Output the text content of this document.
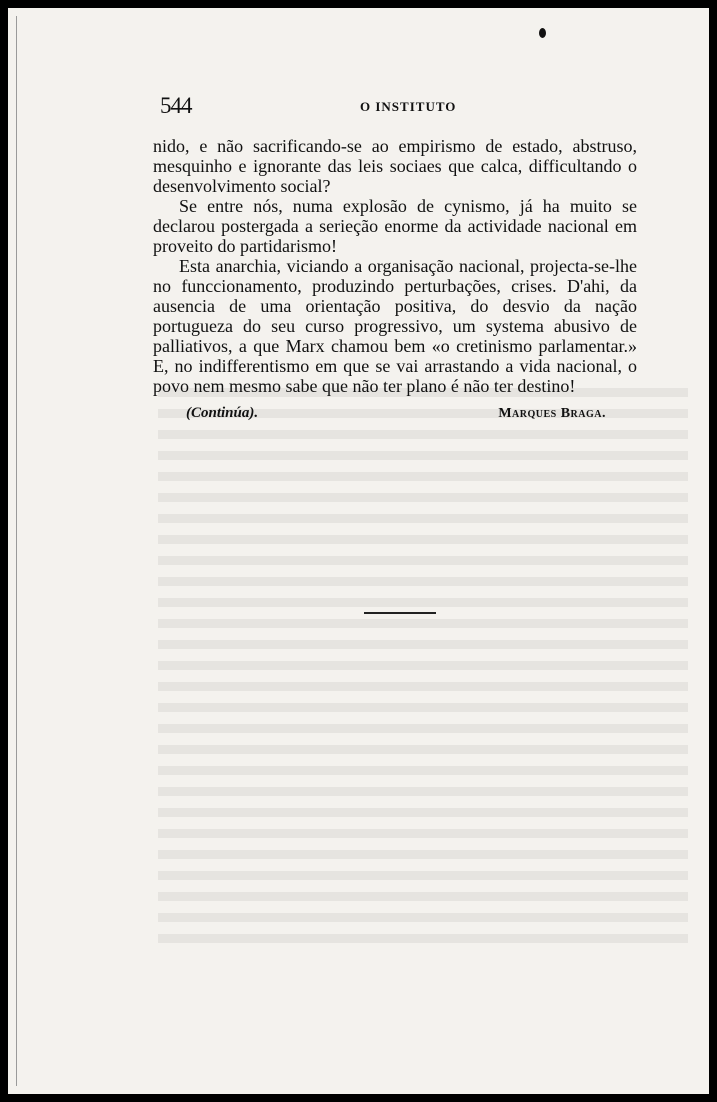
544	O INSTITUTO

nido, e não sacrificando-se ao empirismo de estado, abstruso, mesquinho e ignorante das leis sociaes que calca, difficultando o desenvolvimento social?

Se entre nós, numa explosão de cynismo, já ha muito se declarou postergada a serieção enorme da actividade nacional em proveito do partidarismo!

Esta anarchia, viciando a organisação nacional, projecta-se-lhe no funccionamento, produzindo perturbações, crises. D'ahi, da ausencia de uma orientação positiva, do desvio da nação portugueza do seu curso progressivo, um systema abusivo de palliativos, a que Marx chamou bem «o cretinismo parlamentar.» E, no indifferentismo em que se vai arrastando a vida nacional, o povo nem mesmo sabe que não ter plano é não ter destino!

(Continúa).	Marques Braga.
